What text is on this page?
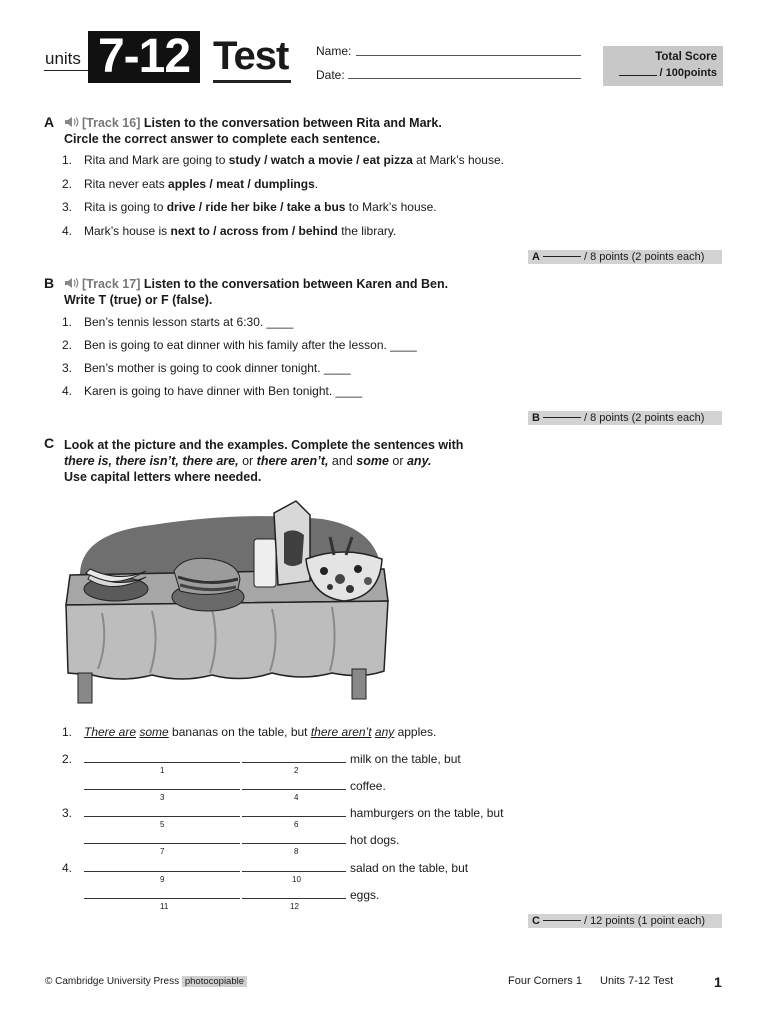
units 7-12 Test Name:
Date:
Total Score
/ 100points
A	[Track 16] Listen to the conversation between Rita and Mark.
Circle the correct answer to complete each sentence.
1. Rita and Mark are going to study / watch a movie / eat pizza at Mark’s house.
2. Rita never eats apples / meat / dumplings.
3. Rita is going to drive / ride her bike / take a bus to Mark’s house.
4. Mark’s house is next to / across from / behind the library.
A	/ 8 points (2 points each)
B	[Track 17] Listen to the conversation between Karen and Ben.
Write T (true) or F (false).
1. Ben’s tennis lesson starts at 6:30. ____
2. Ben is going to eat dinner with his family after the lesson. ____
3. Ben’s mother is going to cook dinner tonight. ____
4. Karen is going to have dinner with Ben tonight. ____
B	/ 8 points (2 points each)
C Look at the picture and the examples. Complete the sentences with
there is, there isn’t, there are, or there aren’t, and some or any.
Use capital letters where needed.
1. There are some bananas on the table, but there aren’t any apples.
2.	milk on the table, but
1	2
coffee.
3	4
3.	hamburgers on the table, but
5	6
hot dogs.
7	8
4.	salad on the table, but
9	10
eggs.
11	12
C	/ 12 points (1 point each)
© Cambridge University Press photocopiable	Four Corners 1 Units 7-12 Test	1
